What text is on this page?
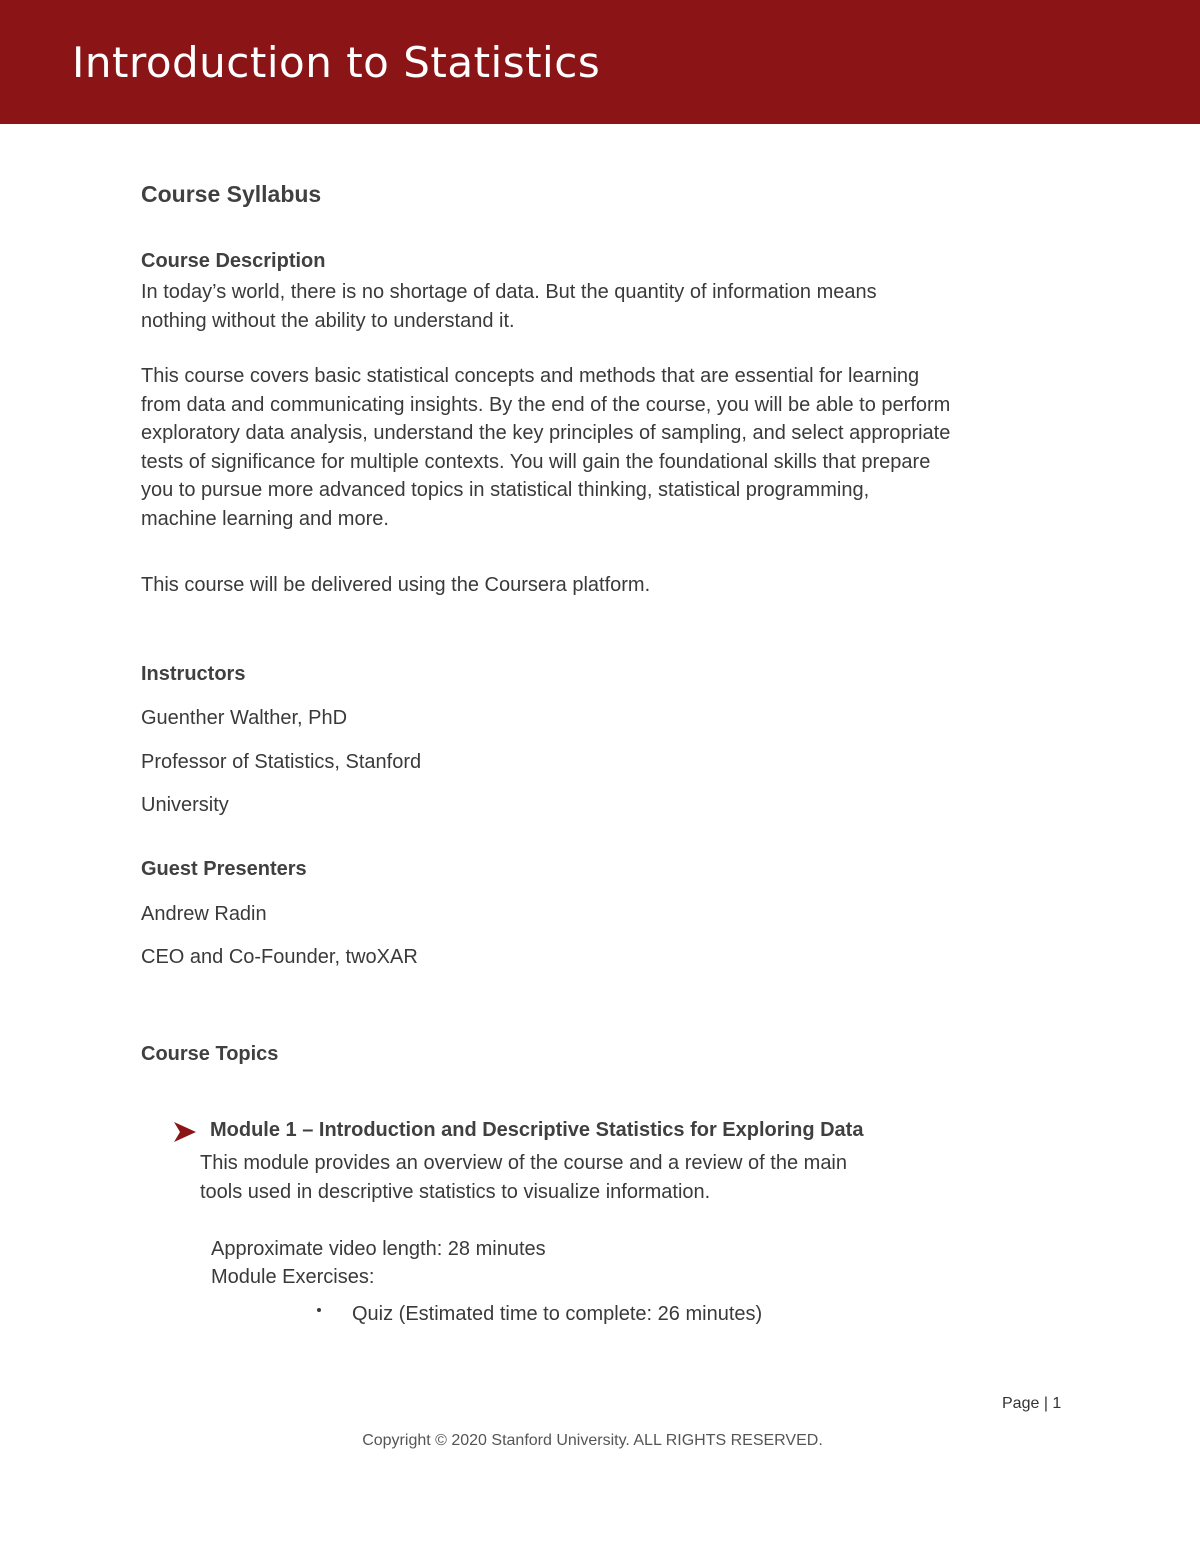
Introduction to Statistics
Course Syllabus
Course Description
In today’s world, there is no shortage of data. But the quantity of information means
nothing without the ability to understand it.
This course covers basic statistical concepts and methods that are essential for learning
from data and communicating insights. By the end of the course, you will be able to perform
exploratory data analysis, understand the key principles of sampling, and select appropriate
tests of significance for multiple contexts. You will gain the foundational skills that prepare
you to pursue more advanced topics in statistical thinking, statistical programming,
machine learning and more.
This course will be delivered using the Coursera platform.
Instructors
Guenther Walther, PhD
Professor of Statistics, Stanford
University
Guest Presenters
Andrew Radin
CEO and Co-Founder, twoXAR
Course Topics
Module 1 – Introduction and Descriptive Statistics for Exploring Data
This module provides an overview of the course and a review of the main
tools used in descriptive statistics to visualize information.
Approximate video length: 28 minutes
Module Exercises:
Quiz (Estimated time to complete: 26 minutes)
Page | 1
Copyright © 2020 Stanford University. ALL RIGHTS RESERVED.
